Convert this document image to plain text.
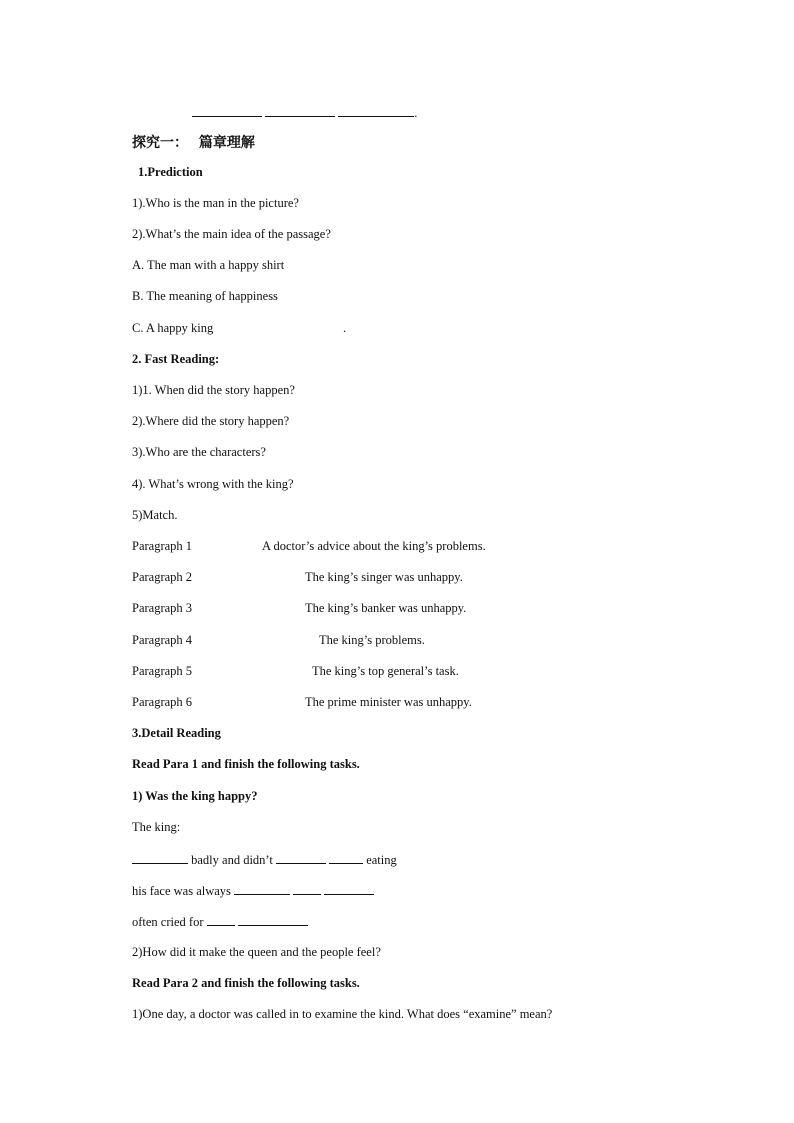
.
探究一： 篇章理解
1.Prediction
1).Who is the man in the picture?
2).What’s the main idea of the passage?
A. The man with a happy shirt
B. The meaning of happiness
C. A happy king	.
2. Fast Reading:
1)1. When did the story happen?
2).Where did the story happen?
3).Who are the characters?
4). What’s wrong with the king?
5)Match.
Paragraph 1	A doctor’s advice about the king’s problems.
Paragraph 2	The king’s singer was unhappy.
Paragraph 3	The king’s banker was unhappy.
Paragraph 4	The king’s problems.
Paragraph 5	The king’s top general’s task.
Paragraph 6	The prime minister was unhappy.
3.Detail Reading
Read Para 1 and finish the following tasks.
1) Was the king happy?
The king:
badly and didn’t	eating
his face was always
often cried for
2)How did it make the queen and the people feel?
Read Para 2 and finish the following tasks.
1)One day, a doctor was called in to examine the kind. What does “examine” mean?
